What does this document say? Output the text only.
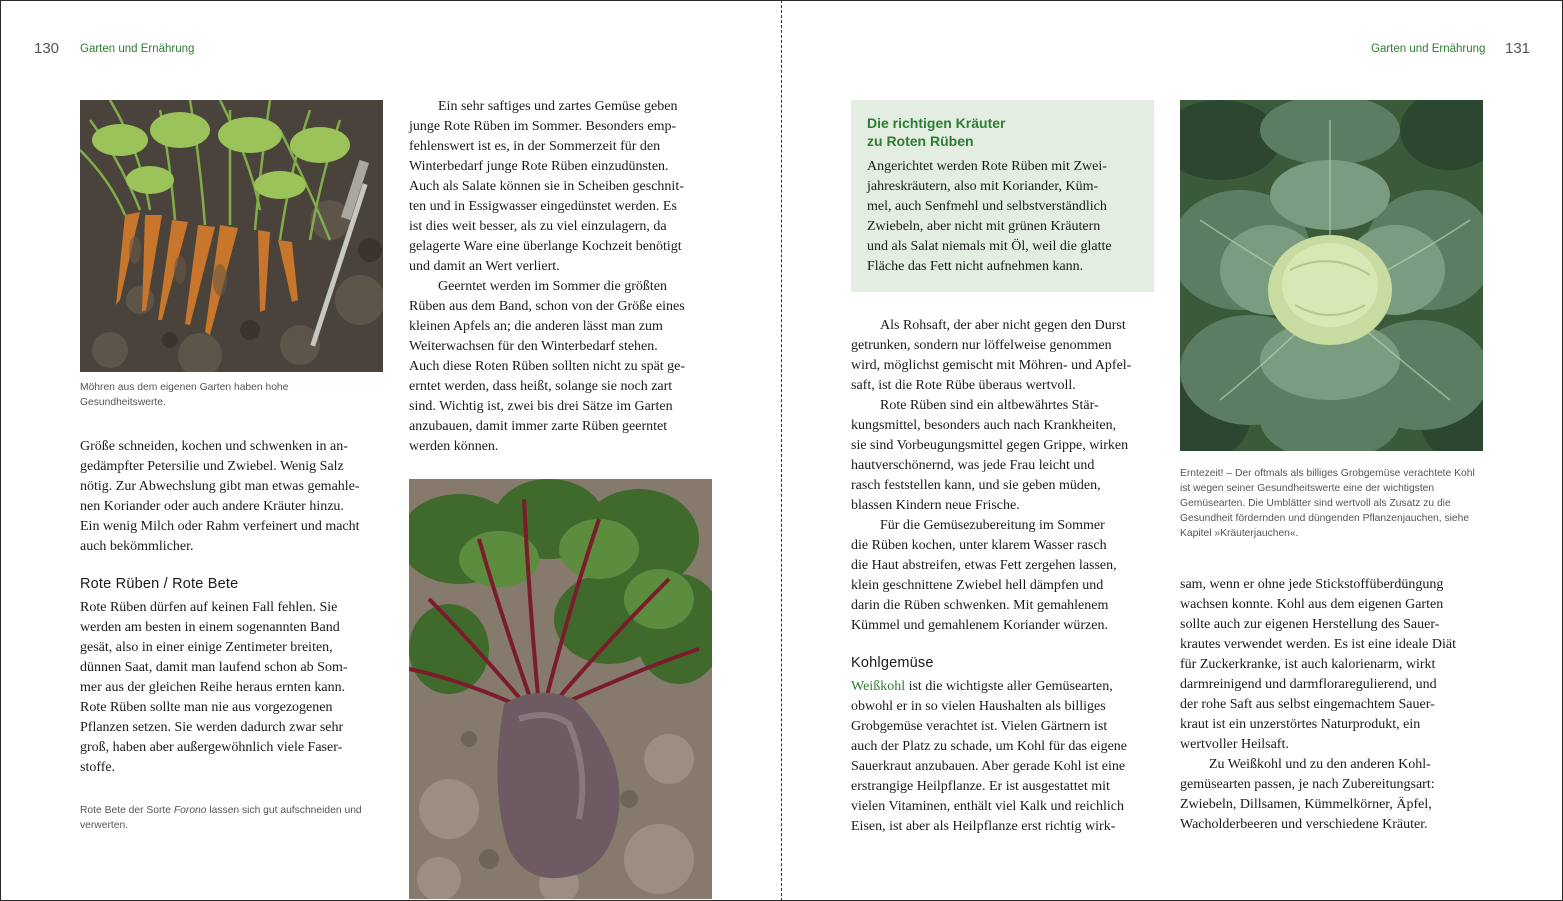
130 Garten und Ernährung
Möhren aus dem eigenen Garten haben hohe Gesundheitswerte.

Größe schneiden, kochen und schwenken in an-

gedämpfter Petersilie und Zwiebel. Wenig Salz

nötig. Zur Abwechslung gibt man etwas gemahle-

nen Koriander oder auch andere Kräuter hinzu.

Ein wenig Milch oder Rahm verfeinert und macht

auch bekömmlicher.

Rote Rüben / Rote Bete

Rote Rüben dürfen auf keinen Fall fehlen. Sie

werden am besten in einem sogenannten Band

gesät, also in einer einige Zentimeter breiten,

dünnen Saat, damit man laufend schon ab Som-

mer aus der gleichen Reihe heraus ernten kann.

Rote Rüben sollte man nie aus vorgezogenen

Pflanzen setzen. Sie werden dadurch zwar sehr

groß, haben aber außergewöhnlich viele Faser-

stoffe.

Rote Bete der Sorte Forono lassen sich gut aufschneiden und verwerten.

Ein sehr saftiges und zartes Gemüse geben

junge Rote Rüben im Sommer. Besonders emp-

fehlenswert ist es, in der Sommerzeit für den

Winterbedarf junge Rote Rüben einzudünsten.

Auch als Salate können sie in Scheiben geschnit-

ten und in Essigwasser eingedünstet werden. Es

ist dies weit besser, als zu viel einzulagern, da

gelagerte Ware eine überlange Kochzeit benötigt

und damit an Wert verliert.

Geerntet werden im Sommer die größten

Rüben aus dem Band, schon von der Größe eines

kleinen Apfels an; die anderen lässt man zum

Weiterwachsen für den Winterbedarf stehen.

Auch diese Roten Rüben sollten nicht zu spät ge-

erntet werden, dass heißt, solange sie noch zart

sind. Wichtig ist, zwei bis drei Sätze im Garten

anzubauen, damit immer zarte Rüben geerntet

werden können.

Garten und Ernährung 131
Die richtigen Kräuter
zu Roten Rüben
Angerichtet werden Rote Rüben mit Zwei-
jahreskräutern, also mit Koriander, Küm-
mel, auch Senfmehl und selbstverständlich
Zwiebeln, aber nicht mit grünen Kräutern
und als Salat niemals mit Öl, weil die glatte
Fläche das Fett nicht aufnehmen kann.

Als Rohsaft, der aber nicht gegen den Durst

getrunken, sondern nur löffelweise genommen

wird, möglichst gemischt mit Möhren- und Apfel-

saft, ist die Rote Rübe überaus wertvoll.

Rote Rüben sind ein altbewährtes Stär-

kungsmittel, besonders auch nach Krankheiten,

sie sind Vorbeugungsmittel gegen Grippe, wirken

hautverschönernd, was jede Frau leicht und

rasch feststellen kann, und sie geben müden,

blassen Kindern neue Frische.

Für die Gemüsezubereitung im Sommer

die Rüben kochen, unter klarem Wasser rasch

die Haut abstreifen, etwas Fett zergehen lassen,

klein geschnittene Zwiebel hell dämpfen und

darin die Rüben schwenken. Mit gemahlenem

Kümmel und gemahlenem Koriander würzen.

Kohlgemüse

Weißkohl ist die wichtigste aller Gemüsearten,

obwohl er in so vielen Haushalten als billiges

Grobgemüse verachtet ist. Vielen Gärtnern ist

auch der Platz zu schade, um Kohl für das eigene

Sauerkraut anzubauen. Aber gerade Kohl ist eine

erstrangige Heilpflanze. Er ist ausgestattet mit

vielen Vitaminen, enthält viel Kalk und reichlich

Eisen, ist aber als Heilpflanze erst richtig wirk-

Erntezeit! – Der oftmals als billiges Grobgemüse verachtete Kohl ist wegen seiner Gesundheitswerte eine der wichtigsten Gemüsearten. Die Umblätter sind wertvoll als Zusatz zu die Gesundheit fördernden und düngenden Pflanzenjauchen, siehe Kapitel »Kräuterjauchen«.

sam, wenn er ohne jede Stickstoffüberdüngung

wachsen konnte. Kohl aus dem eigenen Garten

sollte auch zur eigenen Herstellung des Sauer-

krautes verwendet werden. Es ist eine ideale Diät

für Zuckerkranke, ist auch kalorienarm, wirkt

darmreinigend und darmfloraregulierend, und

der rohe Saft aus selbst eingemachtem Sauer-

kraut ist ein unzerstörtes Naturprodukt, ein

wertvoller Heilsaft.

Zu Weißkohl und zu den anderen Kohl-

gemüsearten passen, je nach Zubereitungsart:

Zwiebeln, Dillsamen, Kümmelkörner, Äpfel,

Wacholderbeeren und verschiedene Kräuter.
